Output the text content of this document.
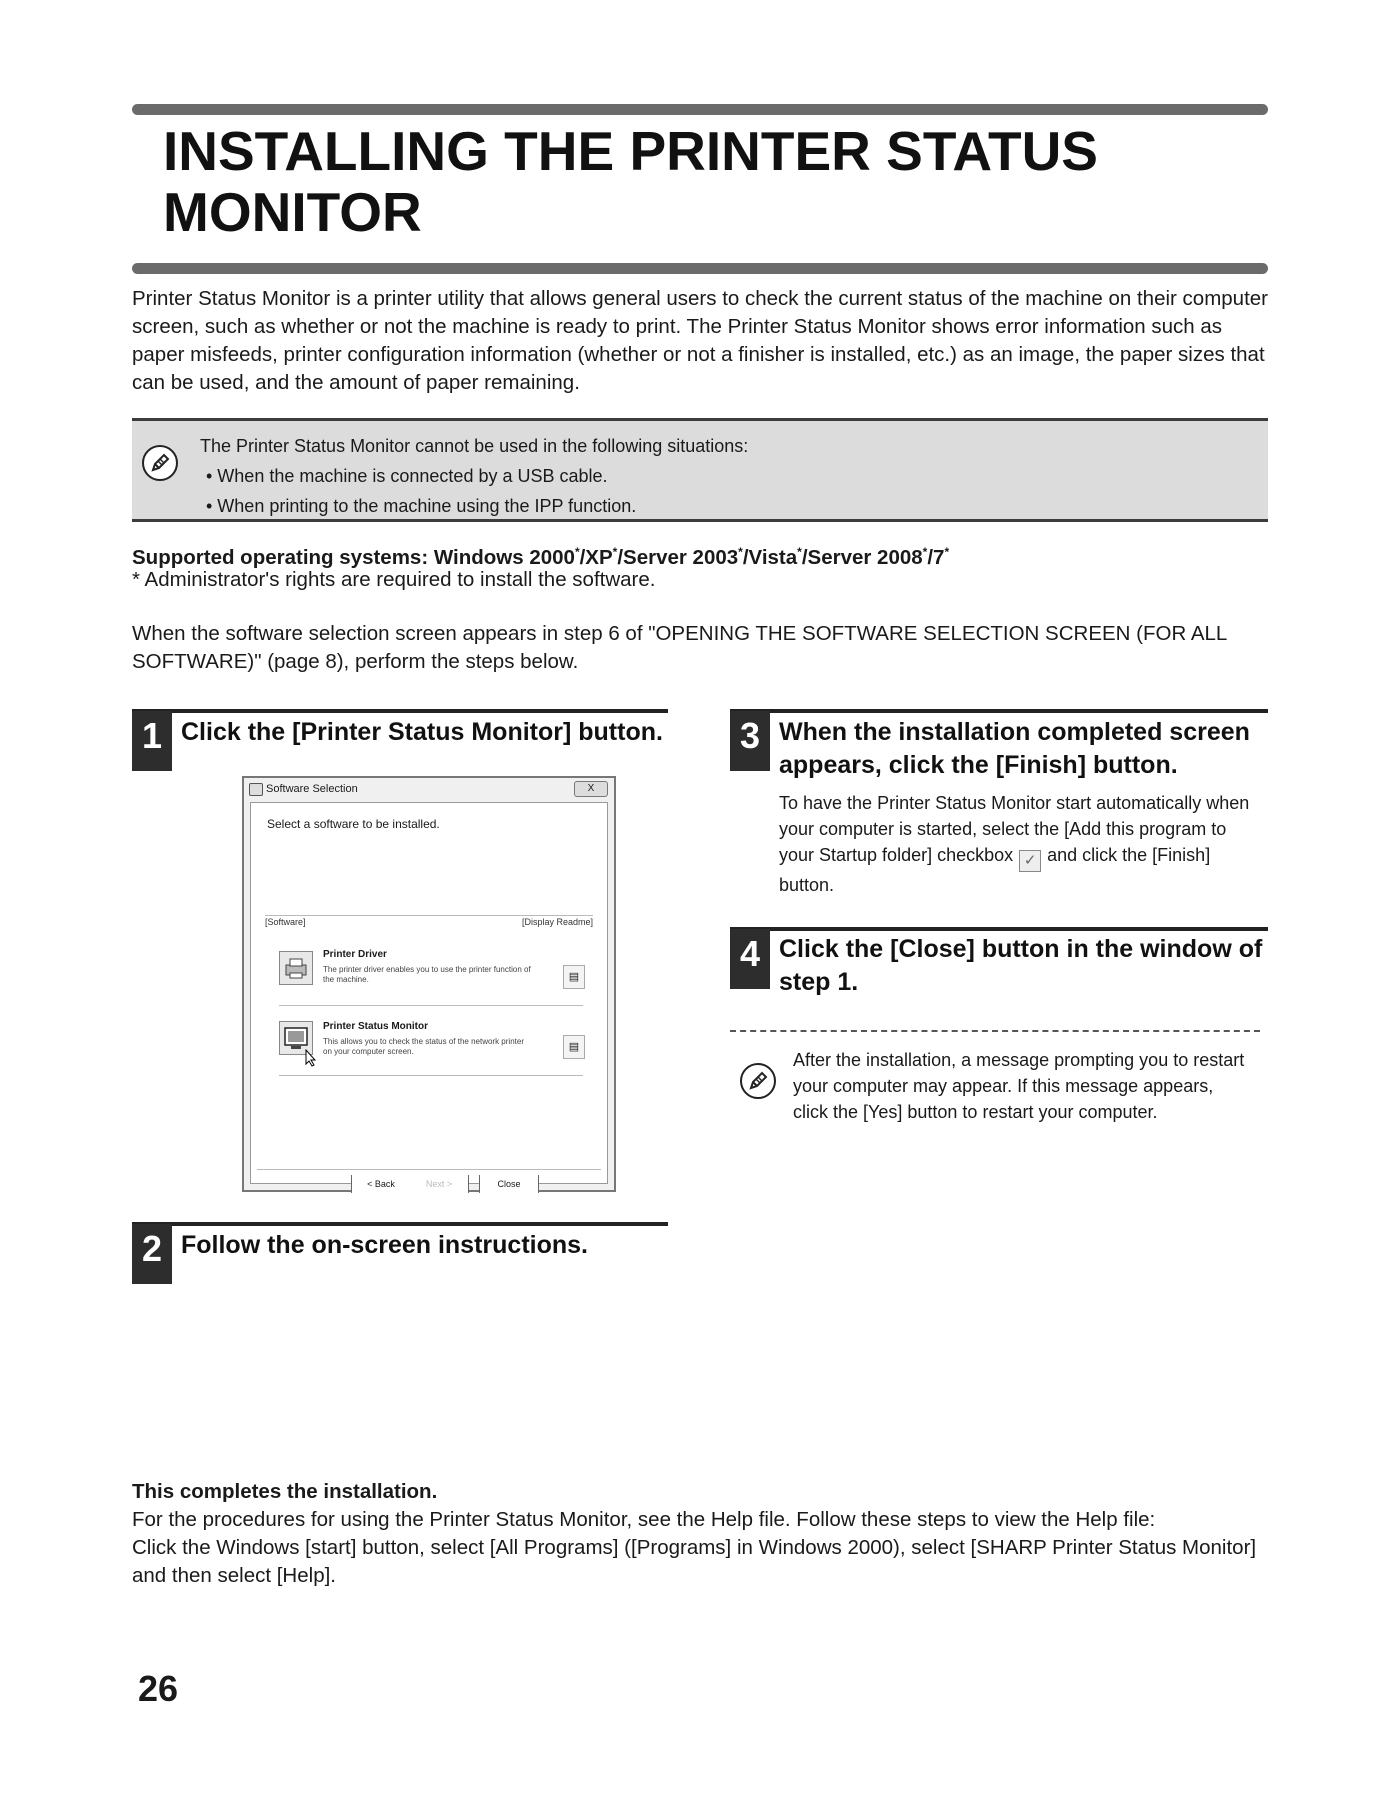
INSTALLING THE PRINTER STATUS MONITOR

Printer Status Monitor is a printer utility that allows general users to check the current status of the machine on their computer screen, such as whether or not the machine is ready to print. The Printer Status Monitor shows error information such as paper misfeeds, printer configuration information (whether or not a finisher is installed, etc.) as an image, the paper sizes that can be used, and the amount of paper remaining.

The Printer Status Monitor cannot be used in the following situations:
• When the machine is connected by a USB cable.
• When printing to the machine using the IPP function.
Supported operating systems: Windows 2000*/XP*/Server 2003*/Vista*/Server 2008*/7*
* Administrator's rights are required to install the software.

When the software selection screen appears in step 6 of "OPENING THE SOFTWARE SELECTION SCREEN (FOR ALL SOFTWARE)" (page 8), perform the steps below.

1 Click the [Printer Status Monitor] button.
Software Selection	X
Select a software to be installed.
[Software]	[Display Readme]
Printer Driver
The printer driver enables you to use the printer function of the machine.	▤
Printer Status Monitor
This allows you to check the status of the network printer on your computer screen.	▤
< Back	Next >	Close
2 Follow the on-screen instructions.
3 When the installation completed screen appears, click the [Finish] button.

To have the Printer Status Monitor start automatically when your computer is started, select the [Add this program to your Startup folder] checkbox ✓ and click the [Finish] button.

4 Click the [Close] button in the window of step 1.

After the installation, a message prompting you to restart your computer may appear. If this message appears, click the [Yes] button to restart your computer.

This completes the installation.

For the procedures for using the Printer Status Monitor, see the Help file. Follow these steps to view the Help file:

Click the Windows [start] button, select [All Programs] ([Programs] in Windows 2000), select [SHARP Printer Status Monitor] and then select [Help].

26
